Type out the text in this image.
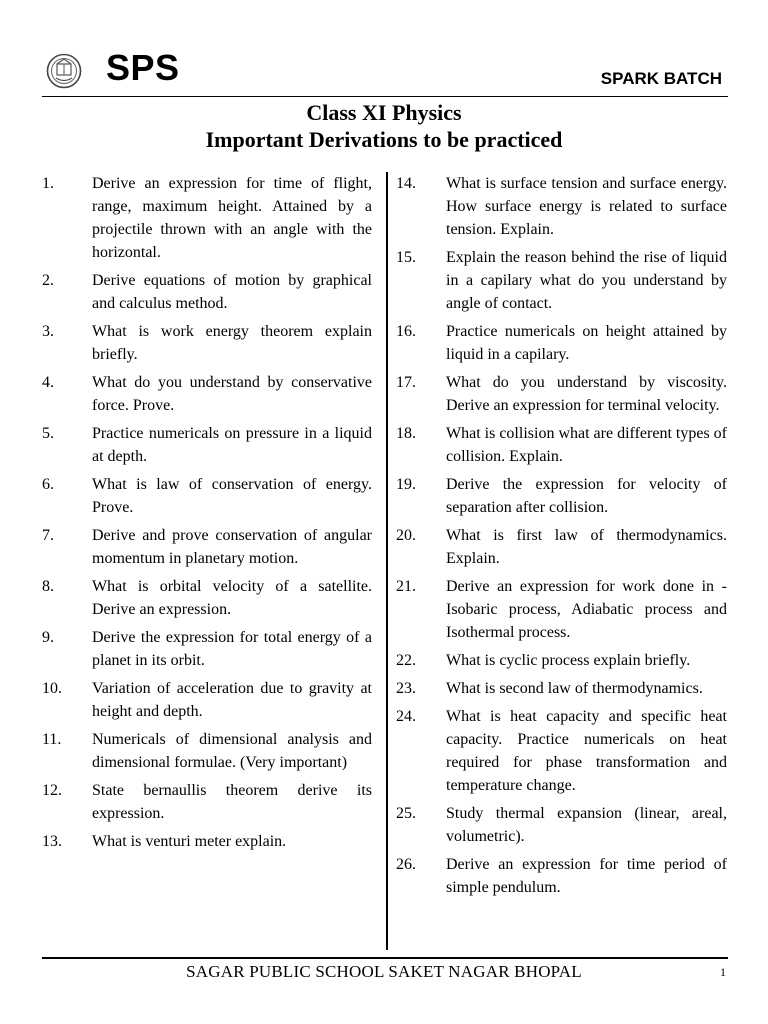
SPS	SPARK BATCH
Class XI Physics
Important Derivations to be practiced
1.	Derive an expression for time of flight, range, maximum height. Attained by a projectile thrown with an angle with the horizontal.
2.	Derive equations of motion by graphical and calculus method.
3.	What is work energy theorem explain briefly.
4.	What do you understand by conservative force. Prove.
5.	Practice numericals on pressure in a liquid at depth.
6.	What is law of conservation of energy. Prove.
7.	Derive and prove conservation of angular momentum in planetary motion.
8.	What is orbital velocity of a satellite. Derive an expression.
9.	Derive the expression for total energy of a planet in its orbit.
10.	Variation of acceleration due to gravity at height and depth.
11.	Numericals of dimensional analysis and dimensional formulae. (Very important)
12.	State bernaullis theorem derive its expression.
13.	What is venturi meter explain.
14.	What is surface tension and surface energy. How surface energy is related to surface tension. Explain.
15.	Explain the reason behind the rise of liquid in a capilary what do you understand by angle of contact.
16.	Practice numericals on height attained by liquid in a capilary.
17.	What do you understand by viscosity. Derive an expression for terminal velocity.
18.	What is collision what are different types of collision. Explain.
19.	Derive the expression for velocity of separation after collision.
20.	What is first law of thermodynamics. Explain.
21.	Derive an expression for work done in - Isobaric process, Adiabatic process and Isothermal process.
22.	What is cyclic process explain briefly.
23.	What is second law of thermodynamics.
24.	What is heat capacity and specific heat capacity. Practice numericals on heat required for phase transformation and temperature change.
25.	Study thermal expansion (linear, areal, volumetric).
26.	Derive an expression for time period of simple pendulum.
SAGAR PUBLIC SCHOOL SAKET NAGAR BHOPAL	1
